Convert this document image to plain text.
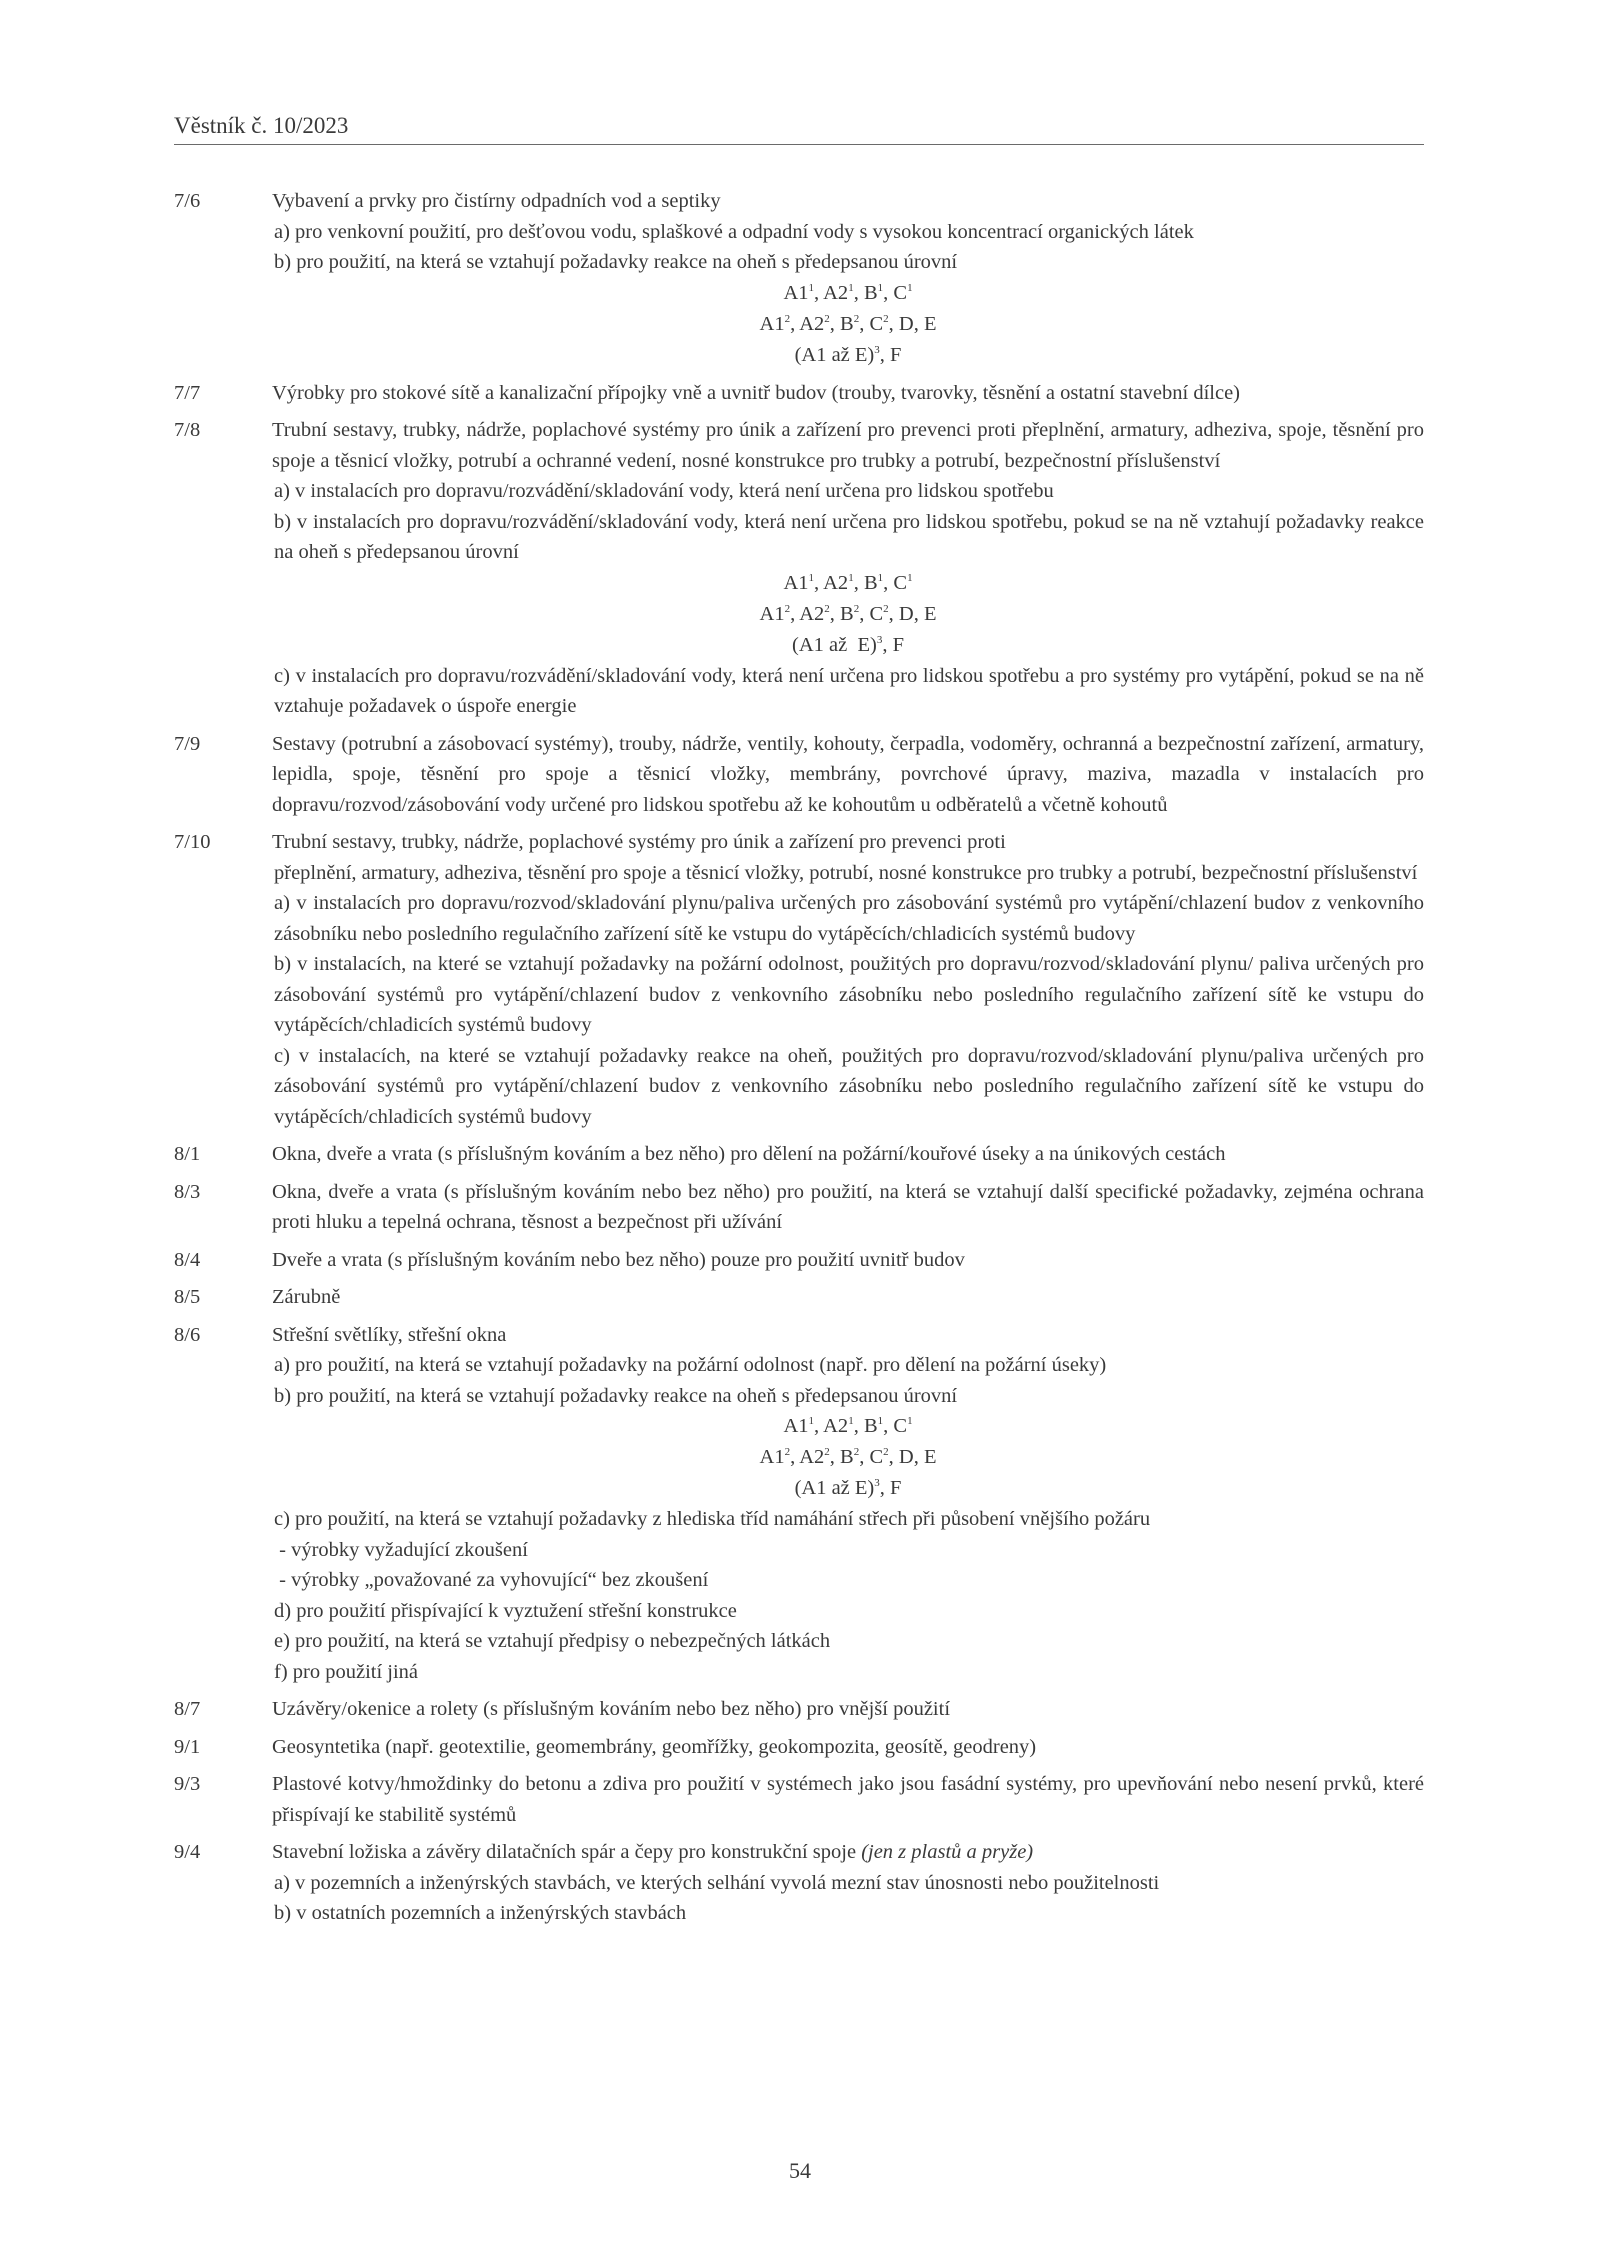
Věstník č. 10/2023
7/6	Vybavení a prvky pro čistírny odpadních vod a septiky
a) pro venkovní použití, pro dešťovou vodu, splaškové a odpadní vody s vysokou koncentrací organických látek
b) pro použití, na která se vztahují požadavky reakce na oheň s předepsanou úrovní
$A1^1$, $A2^1$, $B^1$, $C^1$
$A1^2$, $A2^2$, $B^2$, $C^2$, D, E
(A1 až E)$^3$, F
7/7	Výrobky pro stokové sítě a kanalizační přípojky vně a uvnitř budov (trouby, tvarovky, těsnění a ostatní stavební dílce)
7/8	Trubní sestavy, trubky, nádrže, poplachové systémy pro únik a zařízení pro prevenci proti přeplnění, armatury, adheziva, spoje, těsnění pro spoje a těsnicí vložky, potrubí a ochranné vedení, nosné konstrukce pro trubky a potrubí, bezpečnostní příslušenství
a) v instalacích pro dopravu/rozvádění/skladování vody, která není určena pro lidskou spotřebu
b) v instalacích pro dopravu/rozvádění/skladování vody, která není určena pro lidskou spotřebu, pokud se na ně vztahují požadavky reakce na oheň s předepsanou úrovní
$A1^1$, $A2^1$, $B^1$, $C^1$
$A1^2$, $A2^2$, $B^2$, $C^2$, D, E
(A1 až  E)$^3$, F
c) v instalacích pro dopravu/rozvádění/skladování vody, která není určena pro lidskou spotřebu a pro systémy pro vytápění, pokud se na ně vztahuje požadavek o úspoře energie
7/9	Sestavy (potrubní a zásobovací systémy), trouby, nádrže, ventily, kohouty, čerpadla, vodoměry, ochranná a bezpečnostní zařízení, armatury, lepidla, spoje, těsnění pro spoje a těsnicí vložky, membrány, povrchové úpravy, maziva, mazadla v instalacích pro dopravu/rozvod/zásobování vody určené pro lidskou spotřebu až ke kohoutům u odběratelů a včetně kohoutů
7/10	Trubní sestavy, trubky, nádrže, poplachové systémy pro únik a zařízení pro prevenci proti
přeplnění, armatury, adheziva, těsnění pro spoje a těsnicí vložky, potrubí, nosné konstrukce pro trubky a potrubí, bezpečnostní příslušenství
a) v instalacích pro dopravu/rozvod/skladování plynu/paliva určených pro zásobování systémů pro vytápění/chlazení budov z venkovního zásobníku nebo posledního regulačního zařízení sítě ke vstupu do vytápěcích/chladicích systémů budovy
b) v instalacích, na které se vztahují požadavky na požární odolnost, použitých pro dopravu/rozvod/skladování plynu/ paliva určených pro zásobování systémů pro vytápění/chlazení budov z venkovního zásobníku nebo posledního regulačního zařízení sítě ke vstupu do vytápěcích/chladicích systémů budovy
c) v instalacích, na které se vztahují požadavky reakce na oheň, použitých pro dopravu/rozvod/skladování plynu/paliva určených pro zásobování systémů pro vytápění/chlazení budov z venkovního zásobníku nebo posledního regulačního zařízení sítě ke vstupu do vytápěcích/chladicích systémů budovy
8/1	Okna, dveře a vrata (s příslušným kováním a bez něho) pro dělení na požární/kouřové úseky a na únikových cestách
8/3	Okna, dveře a vrata (s příslušným kováním nebo bez něho) pro použití, na která se vztahují další specifické požadavky, zejména ochrana proti hluku a tepelná ochrana, těsnost a bezpečnost při užívání
8/4	Dveře a vrata (s příslušným kováním nebo bez něho) pouze pro použití uvnitř budov
8/5	Zárubně
8/6	Střešní světlíky, střešní okna
a) pro použití, na která se vztahují požadavky na požární odolnost (např. pro dělení na požární úseky)
b) pro použití, na která se vztahují požadavky reakce na oheň s předepsanou úrovní
$A1^1$, $A2^1$, $B^1$, $C^1$
$A1^2$, $A2^2$, $B^2$, $C^2$, D, E
(A1 až E)$^3$, F
c) pro použití, na která se vztahují požadavky z hlediska tříd namáhání střech při působení vnějšího požáru
- výrobky vyžadující zkoušení
- výrobky „považované za vyhovující“ bez zkoušení
d) pro použití přispívající k vyztužení střešní konstrukce
e) pro použití, na která se vztahují předpisy o nebezpečných látkách
f) pro použití jiná
8/7	Uzávěry/okenice a rolety (s příslušným kováním nebo bez něho) pro vnější použití
9/1	Geosyntetika (např. geotextilie, geomembrány, geomřížky, geokompozita, geosítě, geodreny)
9/3	Plastové kotvy/hmoždinky do betonu a zdiva pro použití v systémech jako jsou fasádní systémy, pro upevňování nebo nesení prvků, které přispívají ke stabilitě systémů
9/4	Stavební ložiska a závěry dilatačních spár a čepy pro konstrukční spoje (jen z plastů a pryže)
a) v pozemních a inženýrských stavbách, ve kterých selhání vyvolá mezní stav únosnosti nebo použitelnosti
b) v ostatních pozemních a inženýrských stavbách
54
